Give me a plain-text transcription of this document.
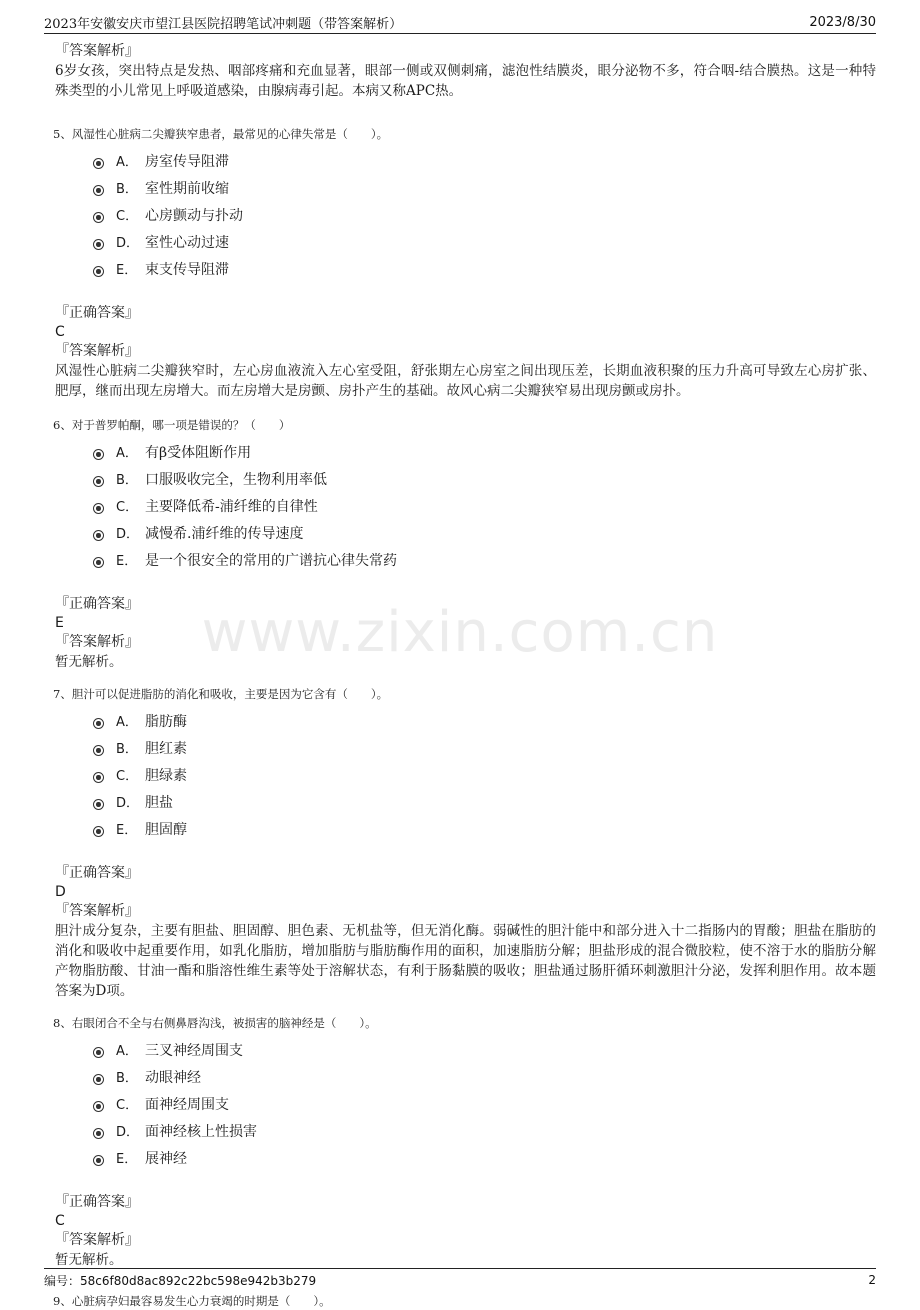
2023年安徽安庆市望江县医院招聘笔试冲刺题（带答案解析）	2023/8/30
www.zixin.com.cn
『答案解析』
6岁女孩，突出特点是发热、咽部疼痛和充血显著，眼部一侧或双侧刺痛，滤泡性结膜炎，眼分泌物不多，符合咽-结合膜热。这是一种特殊类型的小儿常见上呼吸道感染，由腺病毒引起。本病又称APC热。
5、风湿性心脏病二尖瓣狭窄患者，最常见的心律失常是（　　）。
A． 房室传导阻滞
B． 室性期前收缩
C． 心房颤动与扑动
D． 室性心动过速
E． 束支传导阻滞
『正确答案』
C
『答案解析』
风湿性心脏病二尖瓣狭窄时，左心房血液流入左心室受阻，舒张期左心房室之间出现压差，长期血液积聚的压力升高可导致左心房扩张、肥厚，继而出现左房增大。而左房增大是房颤、房扑产生的基础。故风心病二尖瓣狭窄易出现房颤或房扑。
6、对于普罗帕酮，哪一项是错误的？（　　）
A． 有β受体阻断作用
B． 口服吸收完全，生物利用率低
C． 主要降低希-浦纤维的自律性
D． 减慢希.浦纤维的传导速度
E． 是一个很安全的常用的广谱抗心律失常药
『正确答案』
E
『答案解析』
暂无解析。
7、胆汁可以促进脂肪的消化和吸收，主要是因为它含有（　　）。
A． 脂肪酶
B． 胆红素
C． 胆绿素
D． 胆盐
E． 胆固醇
『正确答案』
D
『答案解析』
胆汁成分复杂，主要有胆盐、胆固醇、胆色素、无机盐等，但无消化酶。弱碱性的胆汁能中和部分进入十二指肠内的胃酸；胆盐在脂肪的消化和吸收中起重要作用，如乳化脂肪，增加脂肪与脂肪酶作用的面积，加速脂肪分解；胆盐形成的混合微胶粒，使不溶于水的脂肪分解产物脂肪酸、甘油一酯和脂溶性维生素等处于溶解状态，有利于肠黏膜的吸收；胆盐通过肠肝循环刺激胆汁分泌，发挥利胆作用。故本题答案为D项。
8、右眼闭合不全与右侧鼻唇沟浅，被损害的脑神经是（　　）。
A． 三叉神经周围支
B． 动眼神经
C． 面神经周围支
D． 面神经核上性损害
E． 展神经
『正确答案』
C
『答案解析』
暂无解析。
9、心脏病孕妇最容易发生心力衰竭的时期是（　　）。
编号：58c6f80d8ac892c22bc598e942b3b279	2
